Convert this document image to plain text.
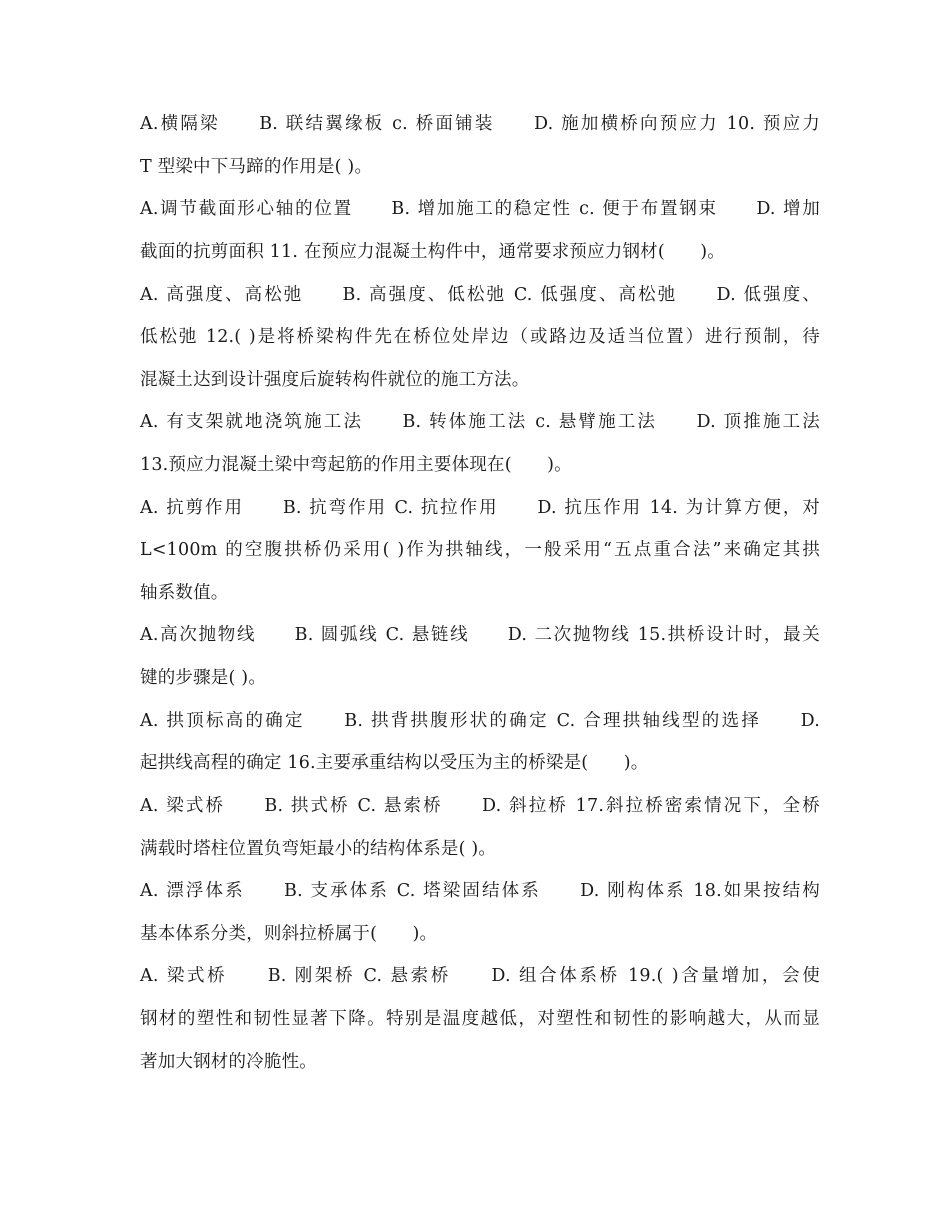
A.横隔梁　　B. 联结翼缘板 c. 桥面铺装　　D. 施加横桥向预应力 10. 预应力
T 型梁中下马蹄的作用是( )。
A.调节截面形心轴的位置　　B. 增加施工的稳定性 c. 便于布置钢束　　D. 增加
截面的抗剪面积 11. 在预应力混凝土构件中，通常要求预应力钢材(　　)。
A. 高强度、高松弛　　B. 高强度、低松弛 C. 低强度、高松弛　　D. 低强度、
低松弛 12.( )是将桥梁构件先在桥位处岸边（或路边及适当位置）进行预制，待
混凝土达到设计强度后旋转构件就位的施工方法。
A. 有支架就地浇筑施工法　　B. 转体施工法 c. 悬臂施工法　　D. 顶推施工法
13.预应力混凝土梁中弯起筋的作用主要体现在(　　)。
A. 抗剪作用　　B. 抗弯作用 C. 抗拉作用　　D. 抗压作用 14. 为计算方便，对
L<100m 的空腹拱桥仍采用( )作为拱轴线，一般采用“五点重合法”来确定其拱
轴系数值。
A.高次抛物线　　B. 圆弧线 C. 悬链线　　D. 二次抛物线 15.拱桥设计时，最关
键的步骤是( )。
A. 拱顶标高的确定　　B. 拱背拱腹形状的确定 C. 合理拱轴线型的选择　　D.
起拱线高程的确定 16.主要承重结构以受压为主的桥梁是(　　)。
A. 梁式桥　　B. 拱式桥 C. 悬索桥　　D. 斜拉桥 17.斜拉桥密索情况下，全桥
满载时塔柱位置负弯矩最小的结构体系是( )。
A. 漂浮体系　　B. 支承体系 C. 塔梁固结体系　　D. 刚构体系 18.如果按结构
基本体系分类，则斜拉桥属于(　　)。
A. 梁式桥　　B. 刚架桥 C. 悬索桥　　D. 组合体系桥 19.( )含量增加，会使
钢材的塑性和韧性显著下降。特别是温度越低，对塑性和韧性的影响越大，从而显
著加大钢材的冷脆性。
